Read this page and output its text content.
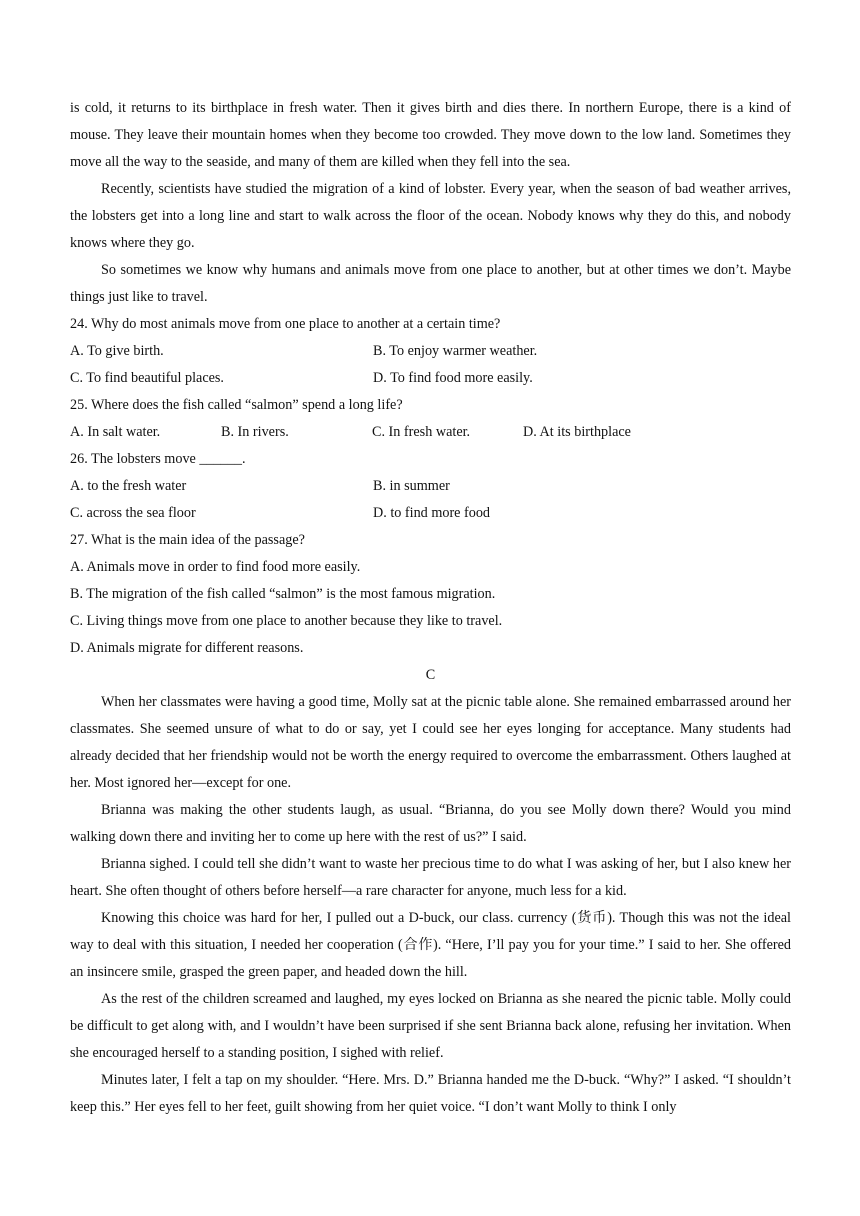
is cold, it returns to its birthplace in fresh water. Then it gives birth and dies there. In northern Europe, there is a kind of mouse. They leave their mountain homes when they become too crowded. They move down to the low land. Sometimes they move all the way to the seaside, and many of them are killed when they fell into the sea.

Recently, scientists have studied the migration of a kind of lobster. Every year, when the season of bad weather arrives, the lobsters get into a long line and start to walk across the floor of the ocean. Nobody knows why they do this, and nobody knows where they go.

So sometimes we know why humans and animals move from one place to another, but at other times we don’t. Maybe things just like to travel.

24. Why do most animals move from one place to another at a certain time?

A. To give birth.	B. To enjoy warmer weather.
C. To find beautiful places.	D. To find food more easily.

25. Where does the fish called “salmon” spend a long life?

A. In salt water.	B. In rivers.	C. In fresh water.	D. At its birthplace

26. The lobsters move ______.

A. to the fresh water	B. in summer
C. across the sea floor	D. to find more food

27. What is the main idea of the passage?

A. Animals move in order to find food more easily.

B. The migration of the fish called “salmon” is the most famous migration.

C. Living things move from one place to another because they like to travel.

D. Animals migrate for different reasons.

C

When her classmates were having a good time, Molly sat at the picnic table alone. She remained embarrassed around her classmates. She seemed unsure of what to do or say, yet I could see her eyes longing for acceptance. Many students had already decided that her friendship would not be worth the energy required to overcome the embarrassment. Others laughed at her. Most ignored her—except for one.

Brianna was making the other students laugh, as usual. “Brianna, do you see Molly down there? Would you mind walking down there and inviting her to come up here with the rest of us?” I said.

Brianna sighed. I could tell she didn’t want to waste her precious time to do what I was asking of her, but I also knew her heart. She often thought of others before herself—a rare character for anyone, much less for a kid.

Knowing this choice was hard for her, I pulled out a D-buck, our class. currency (货币). Though this was not the ideal way to deal with this situation, I needed her cooperation (合作). “Here, I’ll pay you for your time.” I said to her. She offered an insincere smile, grasped the green paper, and headed down the hill.

As the rest of the children screamed and laughed, my eyes locked on Brianna as she neared the picnic table. Molly could be difficult to get along with, and I wouldn’t have been surprised if she sent Brianna back alone, refusing her invitation. When she encouraged herself to a standing position, I sighed with relief.

Minutes later, I felt a tap on my shoulder. “Here. Mrs. D.” Brianna handed me the D-buck. “Why?” I asked. “I shouldn’t keep this.” Her eyes fell to her feet, guilt showing from her quiet voice. “I don’t want Molly to think I only
